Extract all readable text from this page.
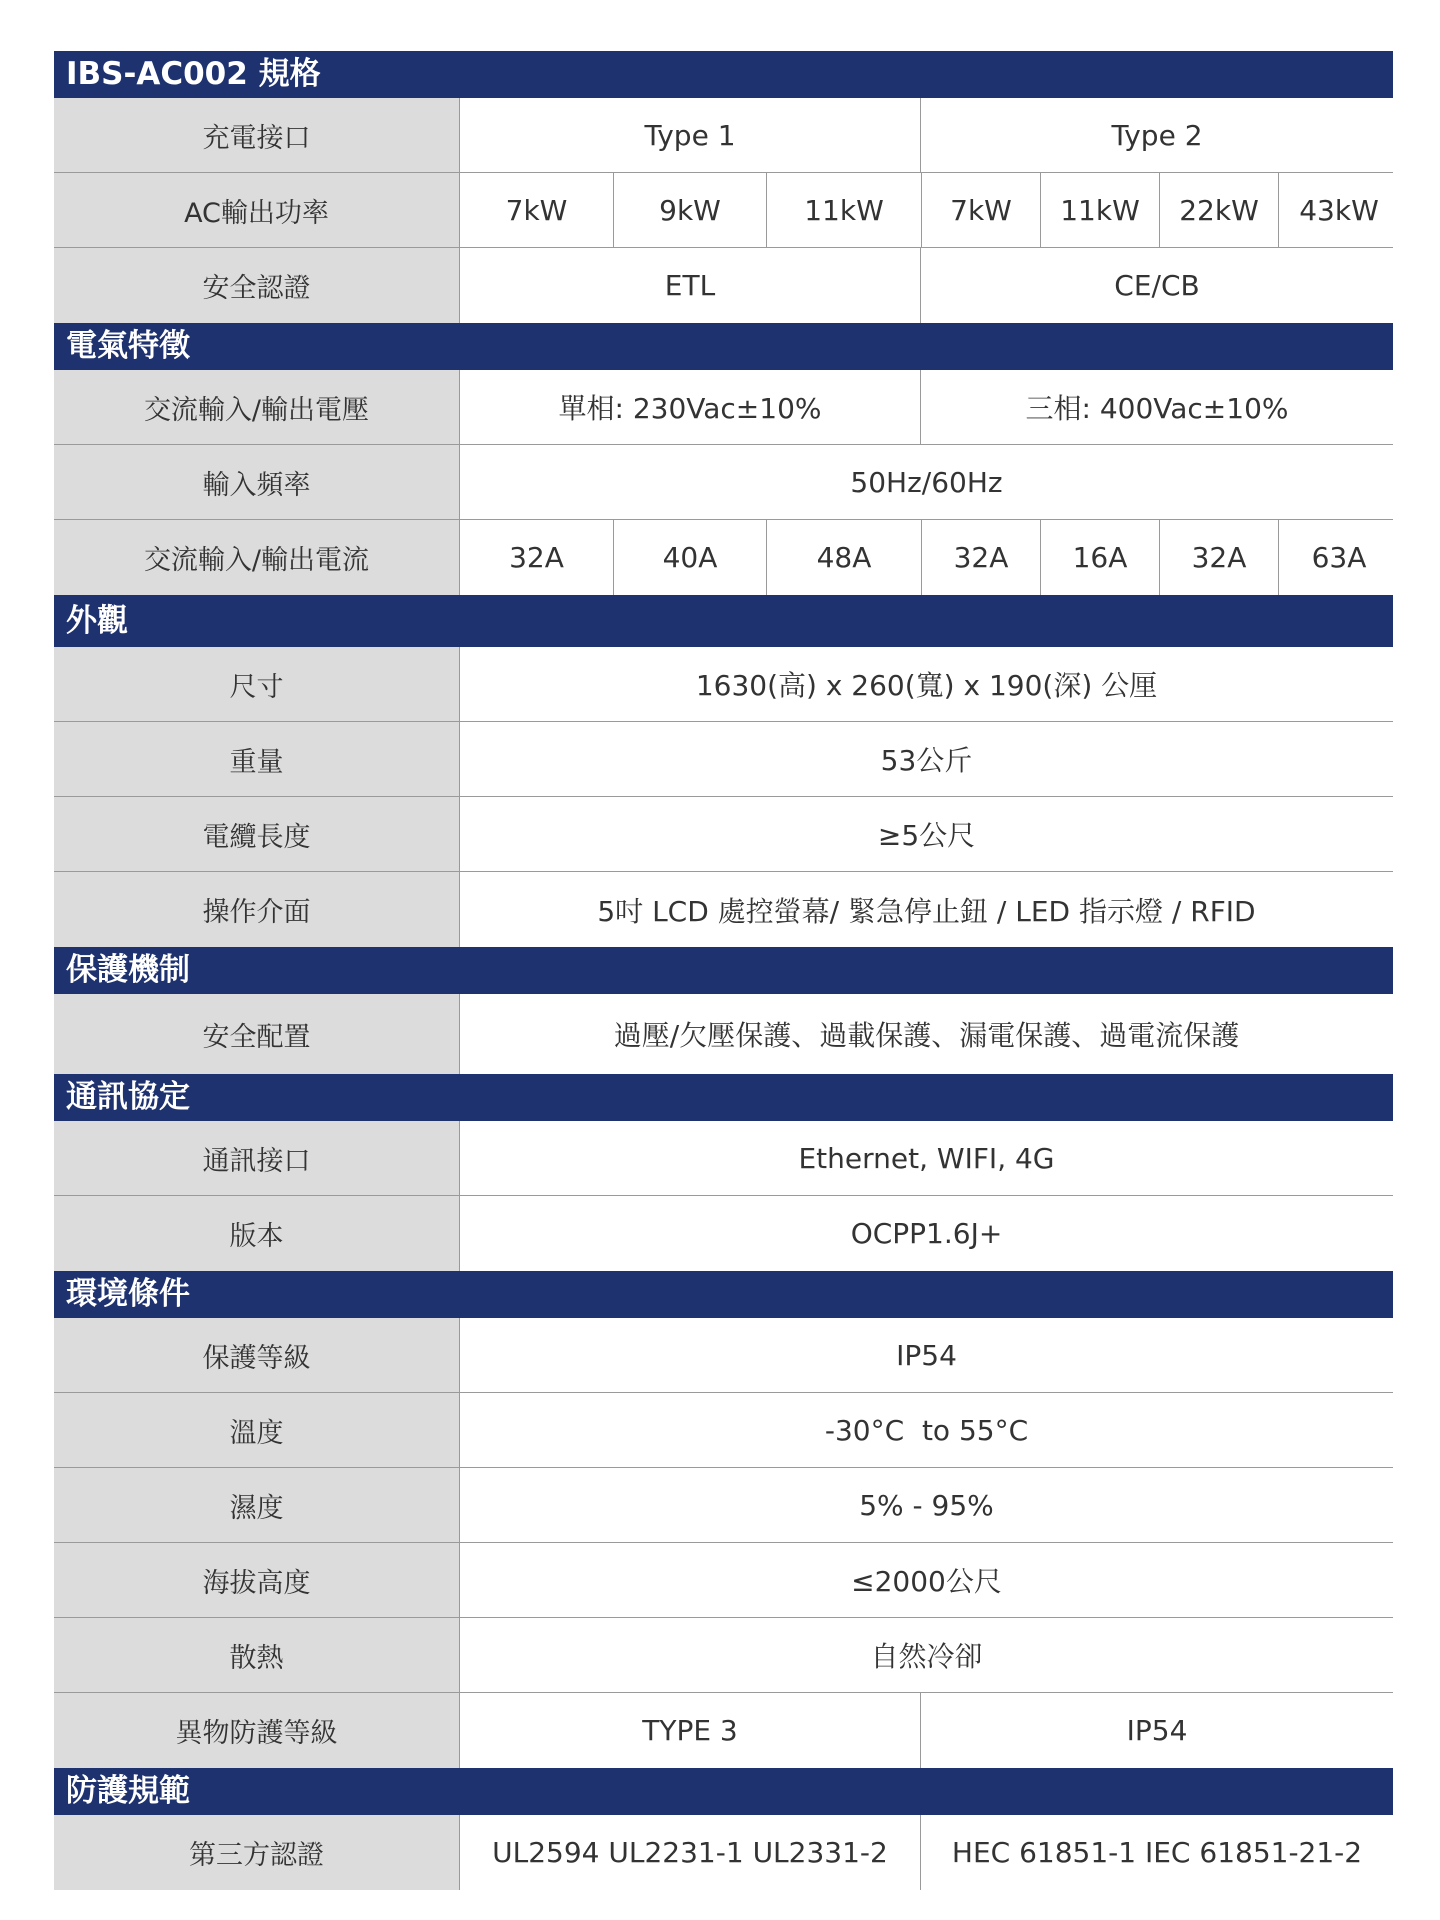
IBS-AC002 規格
充電接口	Type 1	Type 2
AC輸出功率	7kW	9kW	11kW	7kW	11kW	22kW	43kW
安全認證	ETL	CE/CB
電氣特徵
交流輸入/輸出電壓	單相: 230Vac±10%	三相: 400Vac±10%
輸入頻率	50Hz/60Hz
交流輸入/輸出電流	32A	40A	48A	32A	16A	32A	63A
外觀
尺寸	1630(高) x 260(寬) x 190(深) 公厘
重量	53公斤
電纜長度	≥5公尺
操作介面	5吋 LCD 處控螢幕/ 緊急停止鈕 / LED 指示燈 / RFID
保護機制
安全配置	過壓/欠壓保護、過載保護、漏電保護、過電流保護
通訊協定
通訊接口	Ethernet, WIFI, 4G
版本	OCPP1.6J+
環境條件
保護等級	IP54
溫度	-30°C  to 55°C
濕度	5% - 95%
海拔高度	≤2000公尺
散熱	自然冷卻
異物防護等級	TYPE 3	IP54
防護規範
第三方認證	UL2594 UL2231-1 UL2331-2	HEC 61851-1 IEC 61851-21-2
